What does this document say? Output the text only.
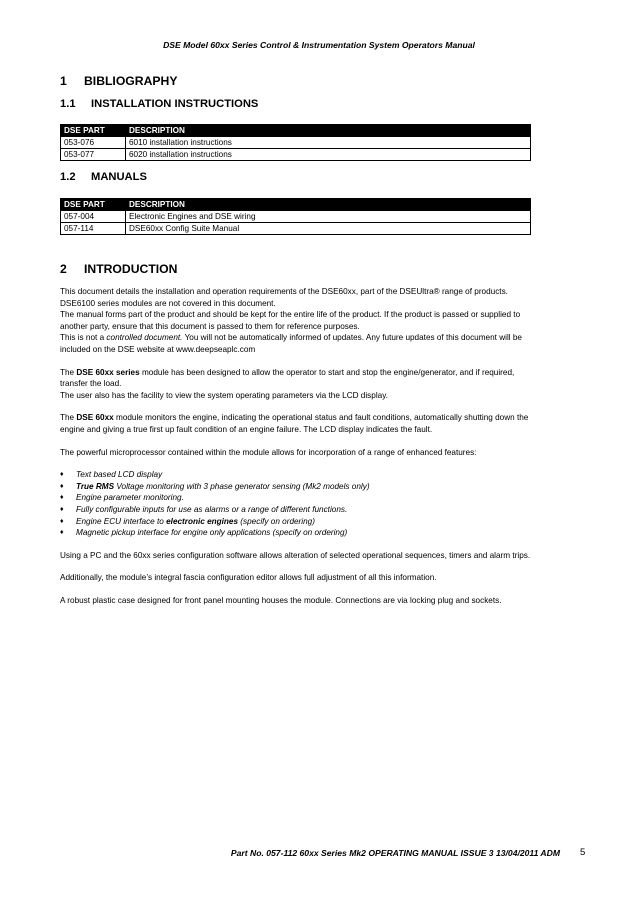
DSE Model 60xx Series Control & Instrumentation System Operators Manual
1 BIBLIOGRAPHY
1.1 INSTALLATION INSTRUCTIONS
DSE PART	DESCRIPTION
053-076	6010 installation instructions
053-077	6020 installation instructions
1.2 MANUALS
DSE PART	DESCRIPTION
057-004	Electronic Engines and DSE wiring
057-114	DSE60xx Config Suite Manual
2 INTRODUCTION

This document details the installation and operation requirements of the DSE60xx, part of the DSEUltra® range of products. DSE6100 series modules are not covered in this document.
The manual forms part of the product and should be kept for the entire life of the product. If the product is passed or supplied to another party, ensure that this document is passed to them for reference purposes.
This is not a controlled document. You will not be automatically informed of updates. Any future updates of this document will be included on the DSE website at www.deepseaplc.com

The DSE 60xx series module has been designed to allow the operator to start and stop the engine/generator, and if required, transfer the load.
The user also has the facility to view the system operating parameters via the LCD display.

The DSE 60xx module monitors the engine, indicating the operational status and fault conditions, automatically shutting down the engine and giving a true first up fault condition of an engine failure. The LCD display indicates the fault.

The powerful microprocessor contained within the module allows for incorporation of a range of enhanced features:

♦ Text based LCD display
♦ True RMS Voltage monitoring with 3 phase generator sensing (Mk2 models only)
♦ Engine parameter monitoring.
♦ Fully configurable inputs for use as alarms or a range of different functions.
♦ Engine ECU interface to electronic engines (specify on ordering)
♦ Magnetic pickup interface for engine only applications (specify on ordering)

Using a PC and the 60xx series configuration software allows alteration of selected operational sequences, timers and alarm trips.

Additionally, the module’s integral fascia configuration editor allows full adjustment of all this information.

A robust plastic case designed for front panel mounting houses the module. Connections are via locking plug and sockets.

Part No. 057-112 60xx Series Mk2 OPERATING MANUAL ISSUE 3 13/04/2011 ADM 5
